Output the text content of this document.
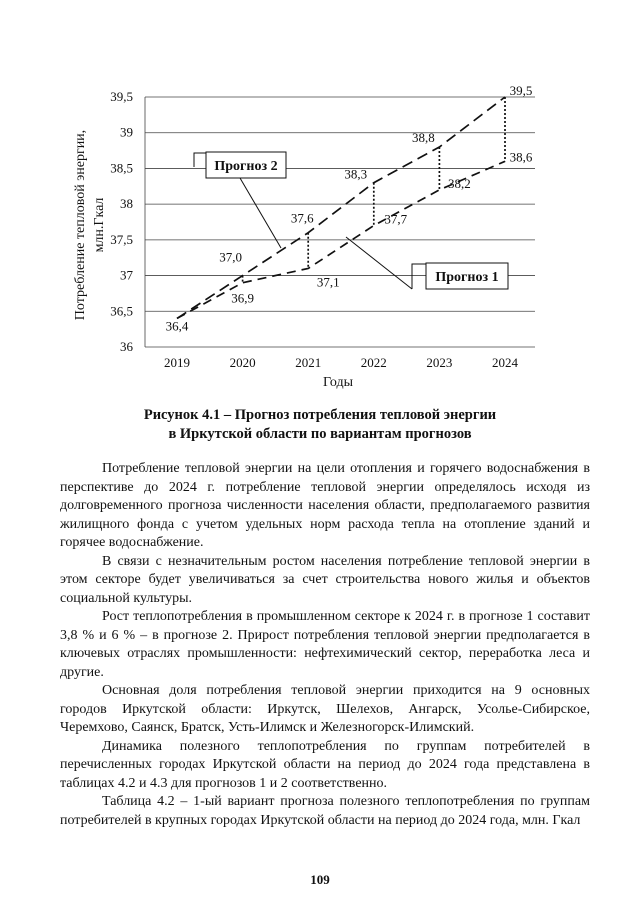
36
36,5
37
37,5
38
38,5
39
39,5
2019	2020	2021	2022	2023	2024
36,9
37,1
37,7
38,2
38,6
36,4
37,0
37,6
38,3
38,8
39,5
Прогноз 2
Прогноз 1
Потребление тепловой энергии, млн.Гкал
Годы
Рисунок 4.1 – Прогноз потребления тепловой энергии
в Иркутской области по вариантам прогнозов

Потребление тепловой энергии на цели отопления и горячего водоснабжения в перспективе до 2024 г. потребление тепловой энергии определялось исходя из долговременного прогноза численности населения области, предполагаемого развития жилищного фонда с учетом удельных норм расхода тепла на отопление зданий и горячее водоснабжение.

В связи с незначительным ростом населения потребление тепловой энергии в этом секторе будет увеличиваться за счет строительства нового жилья и объектов социальной культуры.

Рост теплопотребления в промышленном секторе к 2024 г. в прогнозе 1 составит 3,8 % и 6 % – в прогнозе 2. Прирост потребления тепловой энергии предполагается в ключевых отраслях промышленности: нефтехимический сектор, переработка леса и другие.

Основная доля потребления тепловой энергии приходится на 9 основных городов Иркутской области: Иркутск, Шелехов, Ангарск, Усолье-Сибирское, Черемхово, Саянск, Братск, Усть-Илимск и Железногорск-Илимский.

Динамика полезного теплопотребления по группам потребителей в перечисленных городах Иркутской области на период до 2024 года представлена в таблицах 4.2 и 4.3 для прогнозов 1 и 2 соответственно.

Таблица 4.2 – 1-ый вариант прогноза полезного теплопотребления по группам потребителей в крупных городах Иркутской области на период до 2024 года, млн. Гкал

109
